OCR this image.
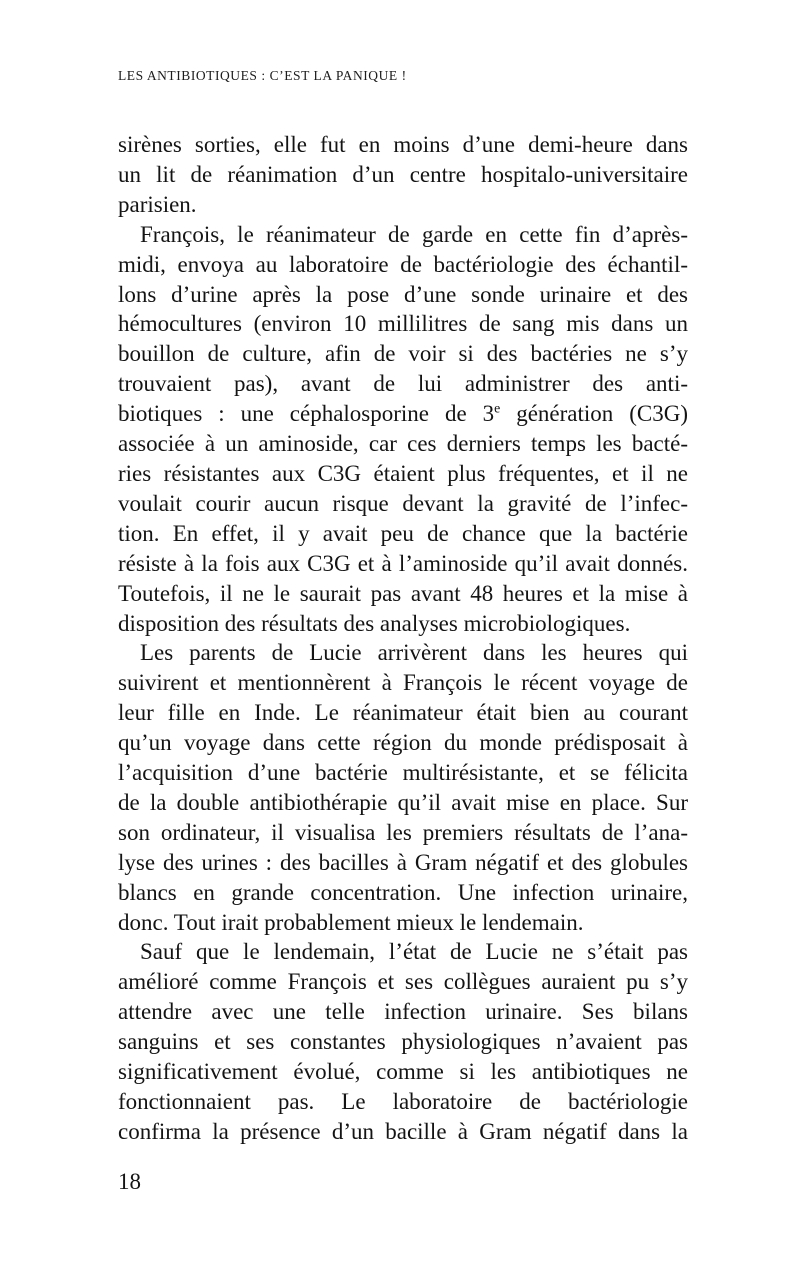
LES ANTIBIOTIQUES : C’EST LA PANIQUE !
sirènes sorties, elle fut en moins d’une demi-heure dans
un lit de réanimation d’un centre hospitalo-universitaire
parisien.
François, le réanimateur de garde en cette fin d’après-
midi, envoya au laboratoire de bactériologie des échantil-
lons d’urine après la pose d’une sonde urinaire et des
hémocultures (environ 10 millilitres de sang mis dans un
bouillon de culture, afin de voir si des bactéries ne s’y
trouvaient pas), avant de lui administrer des anti-
biotiques : une céphalosporine de 3e génération (C3G)
associée à un aminoside, car ces derniers temps les bacté-
ries résistantes aux C3G étaient plus fréquentes, et il ne
voulait courir aucun risque devant la gravité de l’infec-
tion. En effet, il y avait peu de chance que la bactérie
résiste à la fois aux C3G et à l’aminoside qu’il avait donnés.
Toutefois, il ne le saurait pas avant 48 heures et la mise à
disposition des résultats des analyses microbiologiques.
Les parents de Lucie arrivèrent dans les heures qui
suivirent et mentionnèrent à François le récent voyage de
leur fille en Inde. Le réanimateur était bien au courant
qu’un voyage dans cette région du monde prédisposait à
l’acquisition d’une bactérie multirésistante, et se félicita
de la double antibiothérapie qu’il avait mise en place. Sur
son ordinateur, il visualisa les premiers résultats de l’ana-
lyse des urines : des bacilles à Gram négatif et des globules
blancs en grande concentration. Une infection urinaire,
donc. Tout irait probablement mieux le lendemain.
Sauf que le lendemain, l’état de Lucie ne s’était pas
amélioré comme François et ses collègues auraient pu s’y
attendre avec une telle infection urinaire. Ses bilans
sanguins et ses constantes physiologiques n’avaient pas
significativement évolué, comme si les antibiotiques ne
fonctionnaient pas. Le laboratoire de bactériologie
confirma la présence d’un bacille à Gram négatif dans la
18
